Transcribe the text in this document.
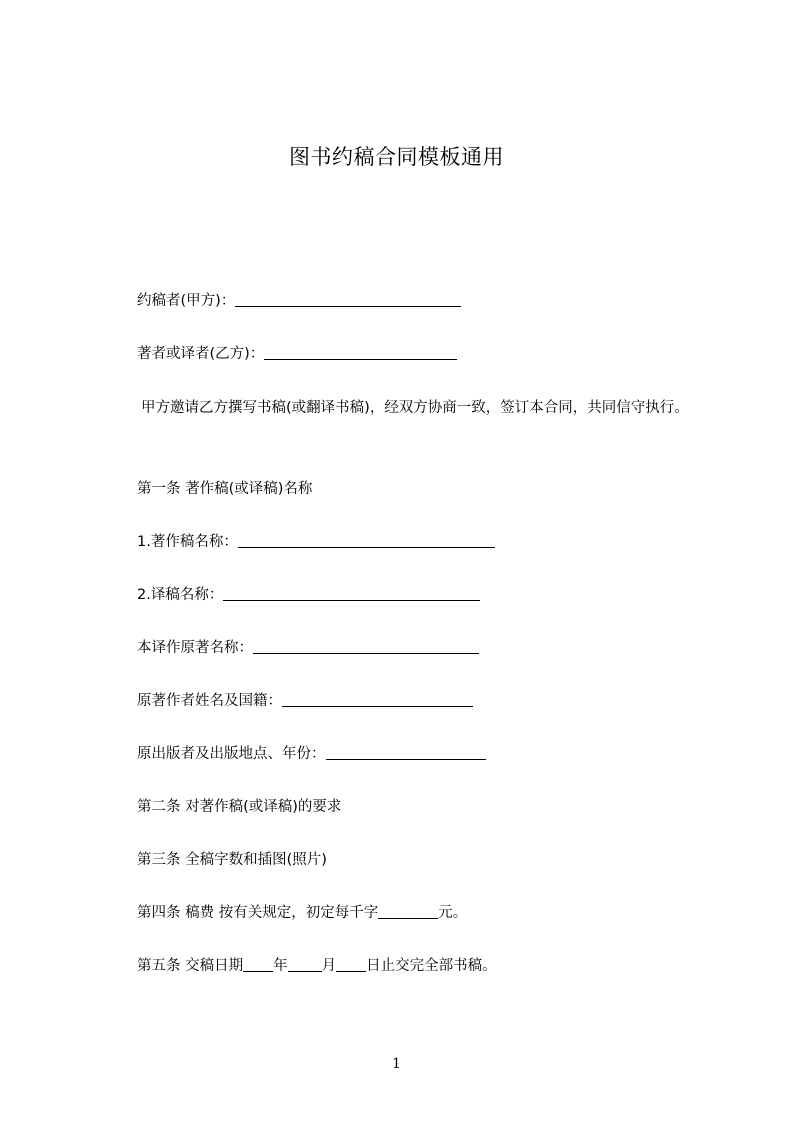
图书约稿合同模板通用
约稿者(甲方)：
著者或译者(乙方)：
甲方邀请乙方撰写书稿(或翻译书稿)，经双方协商一致，签订本合同，共同信守执行。
第一条 著作稿(或译稿)名称
1.著作稿名称：
2.译稿名称：
本译作原著名称：
原著作者姓名及国籍：
原出版者及出版地点、年份：
第二条 对著作稿(或译稿)的要求
第三条 全稿字数和插图(照片)
第四条 稿费 按有关规定，初定每千字	元。
第五条 交稿日期 年 月 日止交完全部书稿。
1
